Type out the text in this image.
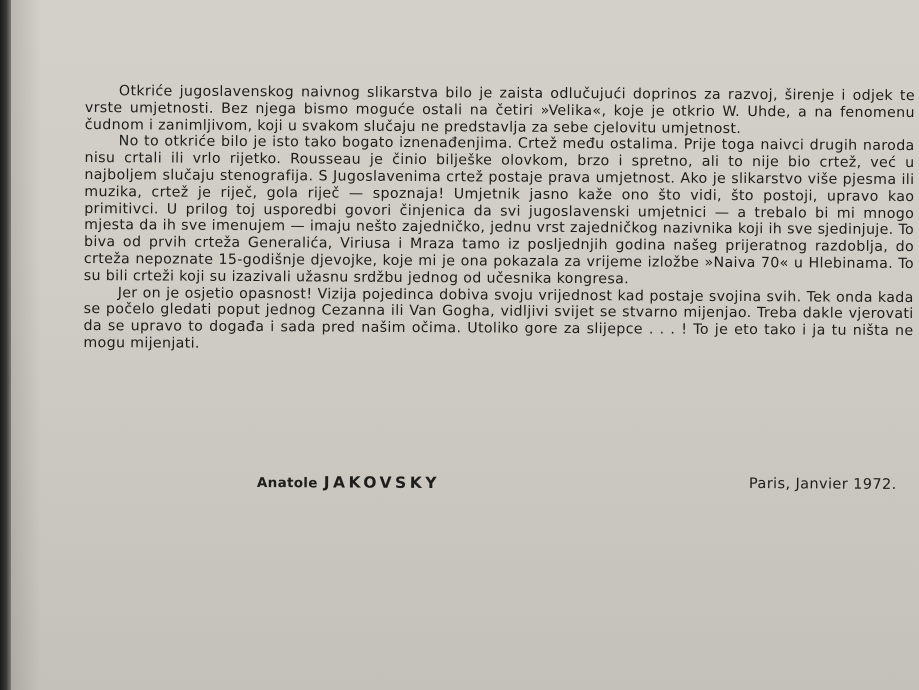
Otkriće jugoslavenskog naivnog slikarstva bilo je zaista odlučujući doprinos za razvoj, širenje i odjek te vrste umjetnosti. Bez njega bismo moguće ostali na četiri »Velika«, koje je otkrio W. Uhde, a na fenomenu čudnom i zanimljivom, koji u svakom slučaju ne predstavlja za sebe cjelovitu umjetnost.

No to otkriće bilo je isto tako bogato iznenađenjima. Crtež među ostalima. Prije toga naivci drugih naroda nisu crtali ili vrlo rijetko. Rousseau je činio bilješke olovkom, brzo i spretno, ali to nije bio crtež, već u najboljem slučaju stenografija. S Jugoslavenima crtež postaje prava umjetnost. Ako je slikarstvo više pjesma ili muzika, crtež je riječ, gola riječ — spoznaja! Umjetnik jasno kaže ono što vidi, što postoji, upravo kao primitivci. U prilog toj usporedbi govori činjenica da svi jugoslavenski umjetnici — a trebalo bi mi mnogo mjesta da ih sve imenujem — imaju nešto zajedničko, jednu vrst zajedničkog nazivnika koji ih sve sjedinjuje. To biva od prvih crteža Generalića, Viriusa i Mraza tamo iz posljednjih godina našeg prijeratnog razdoblja, do crteža nepoznate 15-godišnje djevojke, koje mi je ona pokazala za vrijeme izložbe »Naiva 70« u Hlebinama. To su bili crteži koji su izazivali užasnu srdžbu jednog od učesnika kongresa.

Jer on je osjetio opasnost! Vizija pojedinca dobiva svoju vrijednost kad postaje svojina svih. Tek onda kada se počelo gledati poput jednog Cezanna ili Van Gogha, vidljivi svijet se stvarno mijenjao. Treba dakle vjerovati da se upravo to događa i sada pred našim očima. Utoliko gore za slijepce . . . ! To je eto tako i ja tu ništa ne mogu mijenjati.

Anatole JAKOVSKY	Paris, Janvier 1972.
